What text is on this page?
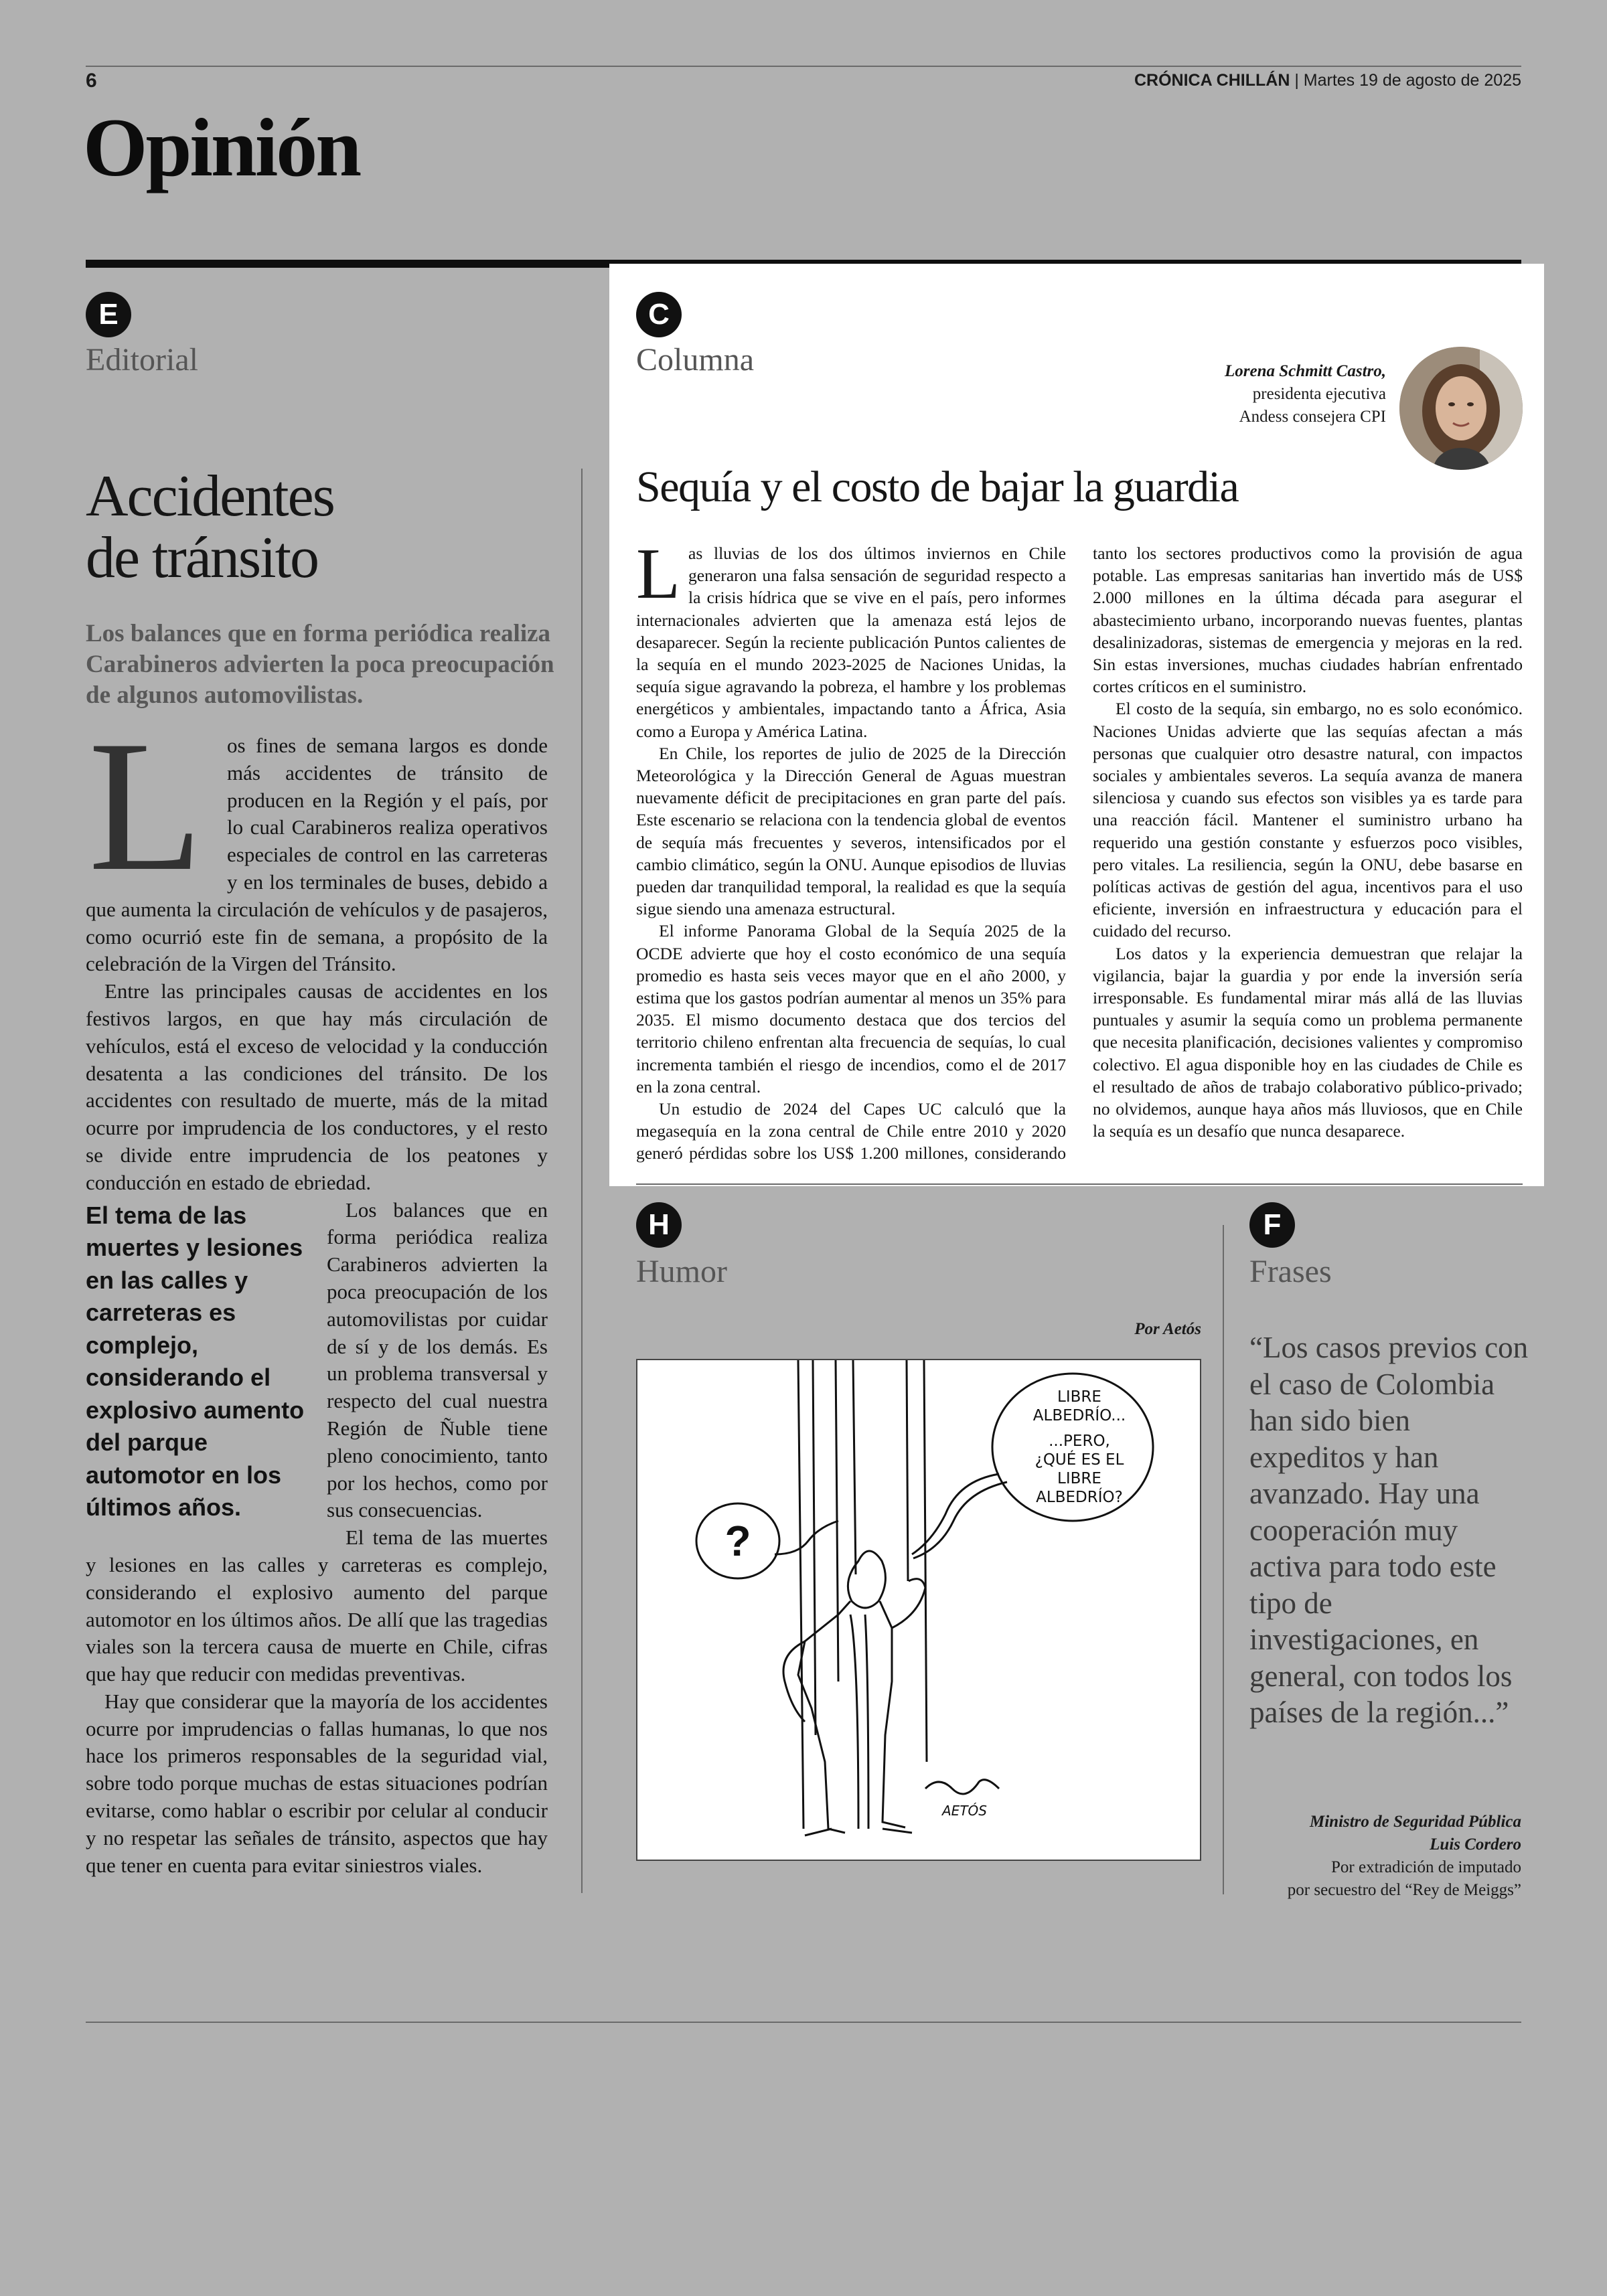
6	CRÓNICA CHILLÁN | Martes 19 de agosto de 2025
Opinión
E
Editorial
Accidentes
de tránsito
Los balances que en forma periódica realiza Carabineros advierten la poca preocupación de algunos automovilistas.
L	os fines de semana largos es donde más accidentes de tránsito de producen en la Región y el país, por lo cual Carabineros realiza operativos especiales de control en las carreteras y en los terminales de buses, debido a que aumenta la circulación de vehículos y de pasajeros, como ocurrió este fin de semana, a propósito de la celebración de la Virgen del Tránsito.

Entre las principales causas de accidentes en los festivos largos, en que hay más circulación de vehículos, está el exceso de velocidad y la conducción desatenta a las condiciones del tránsito. De los accidentes con resultado de muerte, más de la mitad ocurre por imprudencia de los conductores, y el resto se divide entre imprudencia de los peatones y conducción en estado de ebriedad.

El tema de las muertes y lesiones en las calles y carreteras es complejo, considerando el explosivo aumento del parque automotor en los últimos años.

Los balances que en forma periódica realiza Carabineros advierten la poca preocupación de los automovilistas por cuidar de sí y de los demás. Es un problema transversal y respecto del cual nuestra Región de Ñuble tiene pleno conocimiento, tanto por los hechos, como por sus consecuencias.

El tema de las muertes y lesiones en las calles y carreteras es complejo, considerando el explosivo aumento del parque automotor en los últimos años. De allí que las tragedias viales son la tercera causa de muerte en Chile, cifras que hay que reducir con medidas preventivas.

Hay que considerar que la mayoría de los accidentes ocurre por imprudencias o fallas humanas, lo que nos hace los primeros responsables de la seguridad vial, sobre todo porque muchas de estas situaciones podrían evitarse, como hablar o escribir por celular al conducir y no respetar las señales de tránsito, aspectos que hay que tener en cuenta para evitar siniestros viales.

C
Columna	Lorena Schmitt Castro,
presidenta ejecutiva
Andess consejera CPI
Sequía y el costo de bajar la guardia
L as lluvias de los dos últimos inviernos en Chile generaron una falsa sensación de seguridad respecto a la crisis hídrica que se vive en el país, pero informes internacionales advierten que la amenaza está lejos de desaparecer. Según la reciente publicación Puntos calientes de la sequía en el mundo 2023-2025 de Naciones Unidas, la sequía sigue agravando la pobreza, el hambre y los problemas energéticos y ambientales, impactando tanto a África, Asia como a Europa y América Latina.

En Chile, los reportes de julio de 2025 de la Dirección Meteorológica y la Dirección General de Aguas muestran nuevamente déficit de precipitaciones en gran parte del país. Este escenario se relaciona con la tendencia global de eventos de sequía más frecuentes y severos, intensificados por el cambio climático, según la ONU. Aunque episodios de lluvias pueden dar tranquilidad temporal, la realidad es que la sequía sigue siendo una amenaza estructural.

El informe Panorama Global de la Sequía 2025 de la OCDE advierte que hoy el costo económico de una sequía promedio es hasta seis veces mayor que en el año 2000, y estima que los gastos podrían aumentar al menos un 35% para 2035. El mismo documento destaca que dos tercios del territorio chileno enfrentan alta frecuencia de sequías, lo cual incrementa también el riesgo de incendios, como el de 2017 en la zona central.

Un estudio de 2024 del Capes UC calculó que la megasequía en la zona central de Chile entre 2010 y 2020 generó pérdidas sobre los US$ 1.200 millones, considerando tanto los sectores productivos como la provisión de agua potable. Las empresas sanitarias han invertido más de US$ 2.000 millones en la última década para asegurar el abastecimiento urbano, incorporando nuevas fuentes, plantas desalinizadoras, sistemas de emergencia y mejoras en la red. Sin estas inversiones, muchas ciudades habrían enfrentado cortes críticos en el suministro.

El costo de la sequía, sin embargo, no es solo económico. Naciones Unidas advierte que las sequías afectan a más personas que cualquier otro desastre natural, con impactos sociales y ambientales severos. La sequía avanza de manera silenciosa y cuando sus efectos son visibles ya es tarde para una reacción fácil. Mantener el suministro urbano ha requerido una gestión constante y esfuerzos poco visibles, pero vitales. La resiliencia, según la ONU, debe basarse en políticas activas de gestión del agua, incentivos para el uso eficiente, inversión en infraestructura y educación para el cuidado del recurso.

Los datos y la experiencia demuestran que relajar la vigilancia, bajar la guardia y por ende la inversión sería irresponsable. Es fundamental mirar más allá de las lluvias puntuales y asumir la sequía como un problema permanente que necesita planificación, decisiones valientes y compromiso colectivo. El agua disponible hoy en las ciudades de Chile es el resultado de años de trabajo colaborativo público-privado; no olvidemos, aunque haya años más lluviosos, que en Chile la sequía es un desafío que nunca desaparece.

H
Humor
Por Aetós
?
LIBRE
ALBEDRÍO...
...PERO,
¿QUÉ ES EL
LIBRE
ALBEDRÍO?
AETÓS
F
Frases
“Los casos previos con el caso de Colombia han sido bien expeditos y han avanzado. Hay una cooperación muy activa para todo este tipo de investigaciones, en general, con todos los países de la región...”
Ministro de Seguridad Pública
Luis Cordero
Por extradición de imputado
por secuestro del “Rey de Meiggs”
